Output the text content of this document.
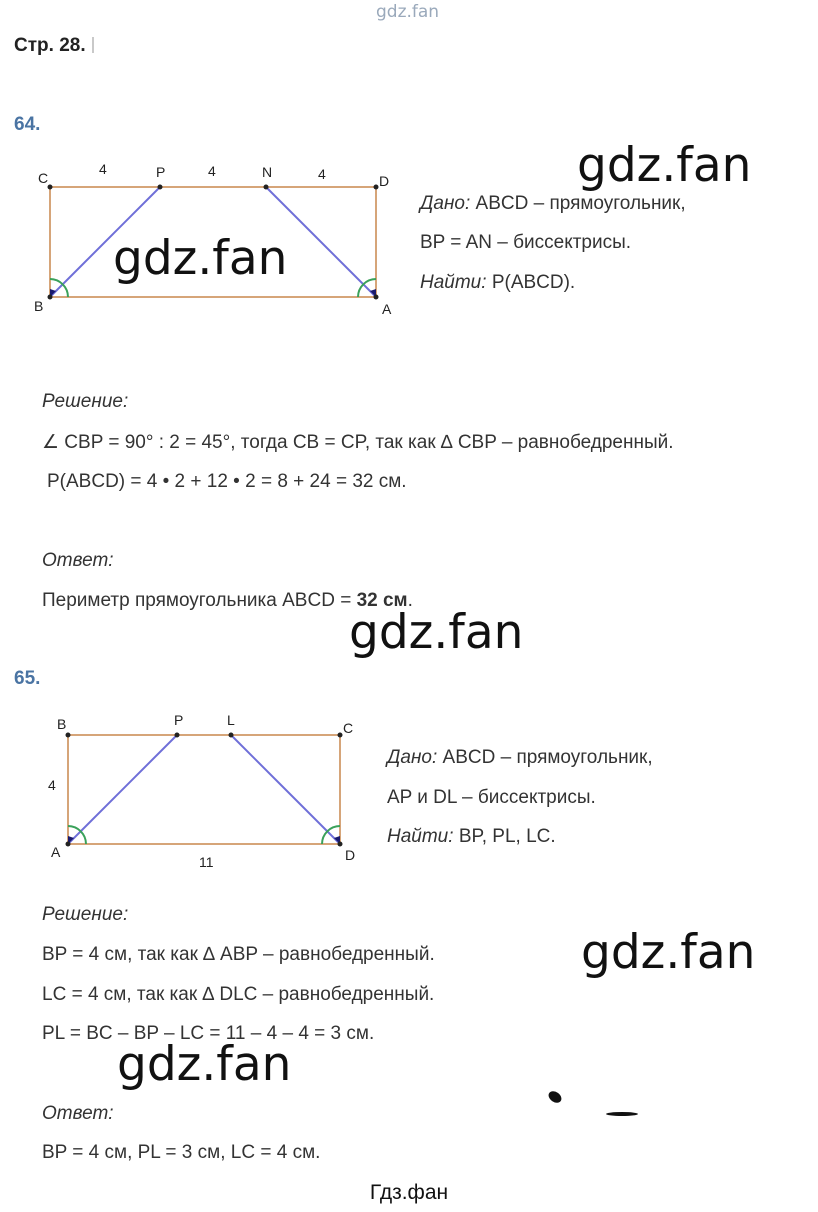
gdz.fan
Стр. 28.
64.
C	P	N
D
B	A
4	4	4	gdz.fan
gdz.fan
Дано: ABCD – прямоугольник,
BP = AN – биссектрисы.
Найти: P(ABCD).
Решение:
∠ CBP = 90° : 2 = 45°, тогда CB = CP, так как ∆ CBP – равнобедренный.
P(ABCD) = 4 • 2 + 12 • 2 = 8 + 24 = 32 см.
Ответ:
Периметр прямоугольника ABCD = 32 см.
gdz.fan
65.
B	P	L	C
A	D
4
11
Дано: ABCD – прямоугольник,
AP и DL – биссектрисы.
Найти: BP, PL, LC.
Решение:
BP = 4 см, так как ∆ ABP – равнобедренный.
LC = 4 см, так как ∆ DLC – равнобедренный.
PL = BC – BP – LC = 11 – 4 – 4 = 3 см.
gdz.fan
gdz.fan
Ответ:
BP = 4 см, PL = 3 см, LC = 4 см.
Гдз.фан
